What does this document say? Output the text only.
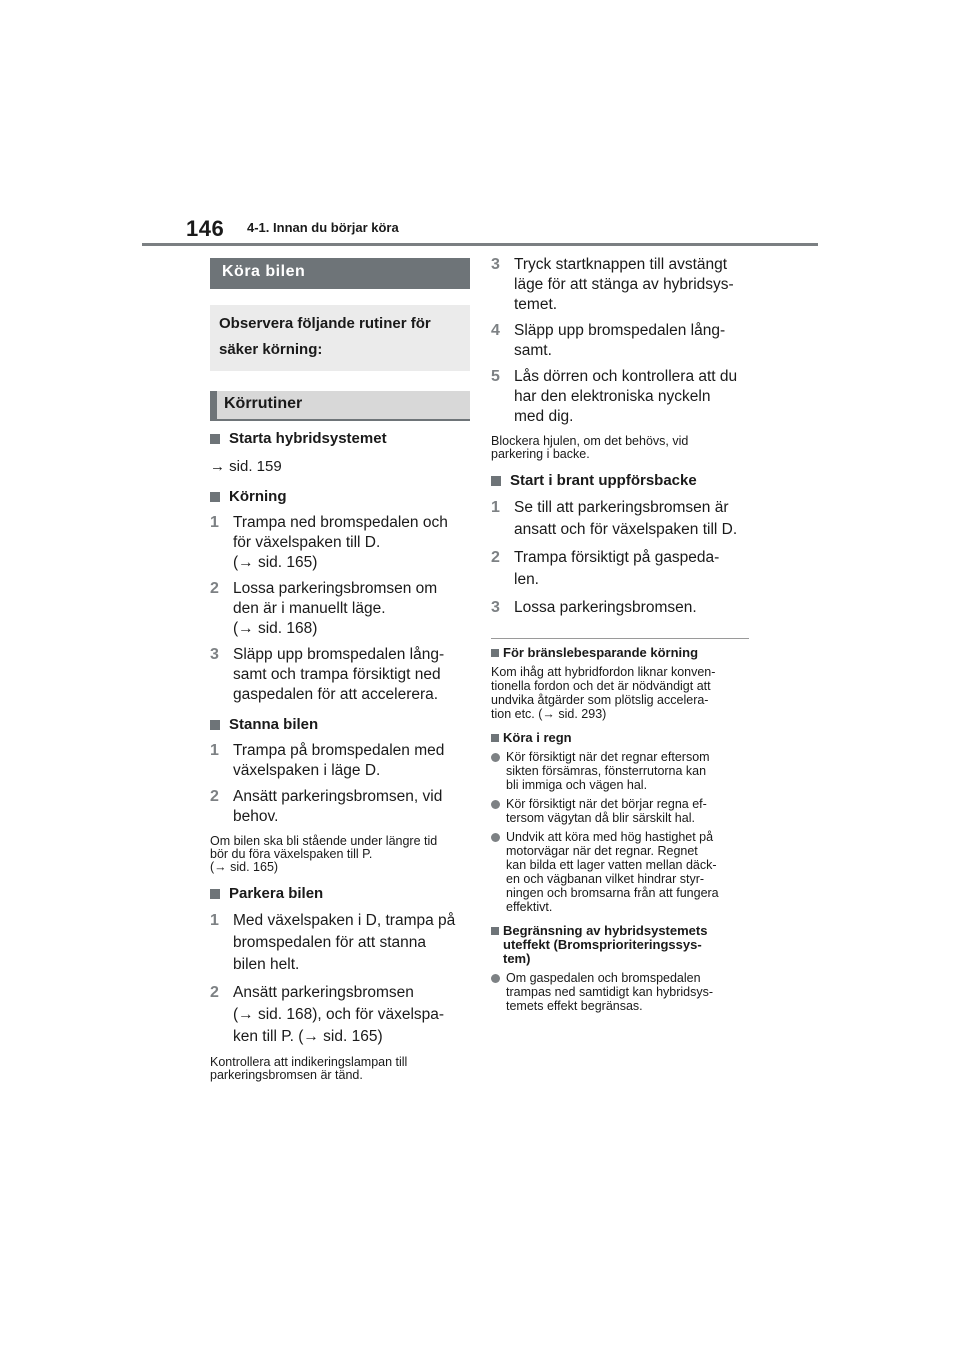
146 4-1. Innan du börjar köra
Köra bilen
Observera följande rutiner för
säker körning:
Körrutiner
Starta hybridsystemet
→ sid. 159
Körning
1 Trampa ned bromspedalen och
för växelspaken till D.
(→ sid. 165)
2 Lossa parkeringsbromsen om
den är i manuellt läge.
(→ sid. 168)
3 Släpp upp bromspedalen lång-
samt och trampa försiktigt ned
gaspedalen för att accelerera.
Stanna bilen
1 Trampa på bromspedalen med
växelspaken i läge D.
2 Ansätt parkeringsbromsen, vid
behov.
Om bilen ska bli stående under längre tid
bör du föra växelspaken till P.
(→ sid. 165)
Parkera bilen
1 Med växelspaken i D, trampa på
bromspedalen för att stanna
bilen helt.
2 Ansätt parkeringsbromsen
(→ sid. 168), och för växelspa-
ken till P. (→ sid. 165)
Kontrollera att indikeringslampan till
parkeringsbromsen är tänd.
3 Tryck startknappen till avstängt
läge för att stänga av hybridsys-
temet.
4 Släpp upp bromspedalen lång-
samt.
5 Lås dörren och kontrollera att du
har den elektroniska nyckeln
med dig.
Blockera hjulen, om det behövs, vid
parkering i backe.
Start i brant uppförsbacke
1 Se till att parkeringsbromsen är
ansatt och för växelspaken till D.
2 Trampa försiktigt på gaspeda-
len.
3 Lossa parkeringsbromsen.
För bränslebesparande körning
Kom ihåg att hybridfordon liknar konven-
tionella fordon och det är nödvändigt att
undvika åtgärder som plötslig accelera-
tion etc. (→ sid. 293)
Köra i regn
Kör försiktigt när det regnar eftersom
sikten försämras, fönsterrutorna kan
bli immiga och vägen hal.
Kör försiktigt när det börjar regna ef-
tersom vägytan då blir särskilt hal.
Undvik att köra med hög hastighet på
motorvägar när det regnar. Regnet
kan bilda ett lager vatten mellan däck-
en och vägbanan vilket hindrar styr-
ningen och bromsarna från att fungera
effektivt.
Begränsning av hybridsystemets
uteffekt (Bromsprioriteringssys-
tem)
Om gaspedalen och bromspedalen
trampas ned samtidigt kan hybridsys-
temets effekt begränsas.
